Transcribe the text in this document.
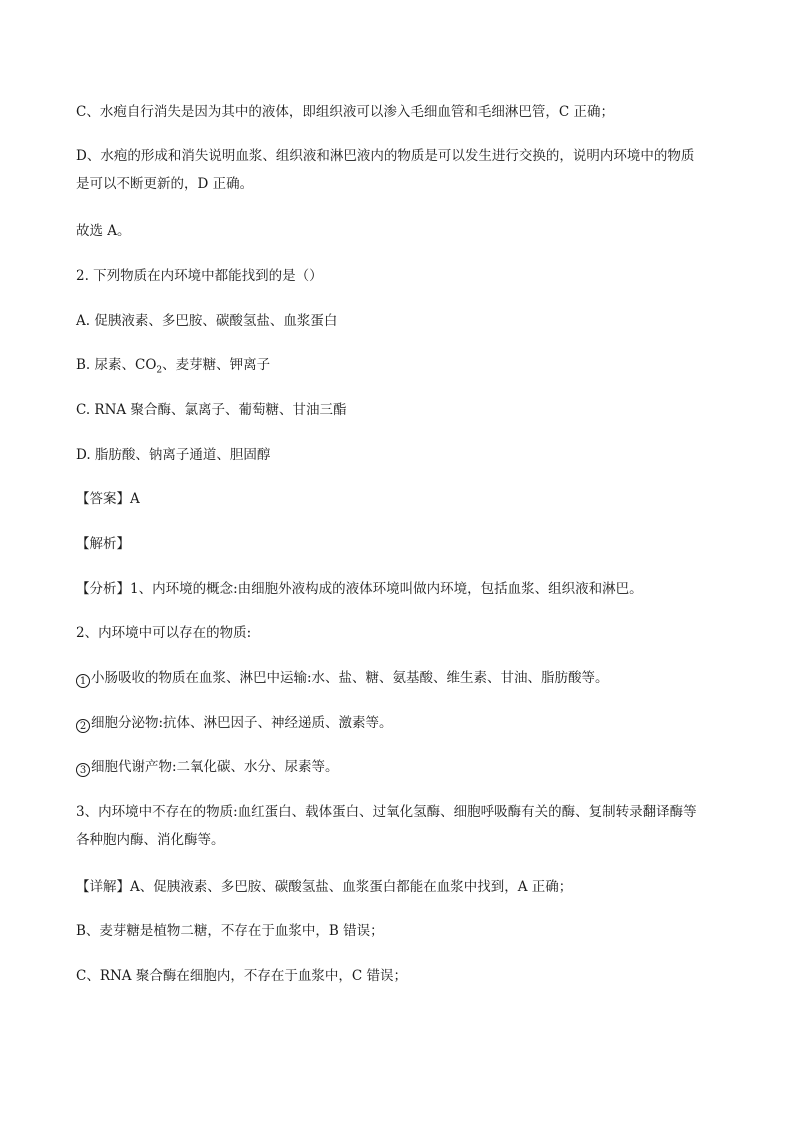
C、水疱自行消失是因为其中的液体，即组织液可以渗入毛细血管和毛细淋巴管，C 正确；
D、水疱的形成和消失说明血浆、组织液和淋巴液内的物质是可以发生进行交换的，说明内环境中的物质
是可以不断更新的，D 正确。
故选 A。
2. 下列物质在内环境中都能找到的是（）
A. 促胰液素、多巴胺、碳酸氢盐、血浆蛋白
B. 尿素、$CO_2$、麦芽糖、钾离子
C. RNA 聚合酶、氯离子、葡萄糖、甘油三酯
D. 脂肪酸、钠离子通道、胆固醇
【答案】A
【解析】
【分析】1、内环境的概念:由细胞外液构成的液体环境叫做内环境，包括血浆、组织液和淋巴。
2、内环境中可以存在的物质:
1 小肠吸收的物质在血浆、淋巴中运输:水、盐、糖、氨基酸、维生素、甘油、脂肪酸等。
2 细胞分泌物:抗体、淋巴因子、神经递质、激素等。
3 细胞代谢产物:二氧化碳、水分、尿素等。
3、内环境中不存在的物质:血红蛋白、载体蛋白、过氧化氢酶、细胞呼吸酶有关的酶、复制转录翻译酶等
各种胞内酶、消化酶等。
【详解】A、促胰液素、多巴胺、碳酸氢盐、血浆蛋白都能在血浆中找到，A 正确；
B、麦芽糖是植物二糖，不存在于血浆中，B 错误；
C、RNA 聚合酶在细胞内，不存在于血浆中，C 错误；
